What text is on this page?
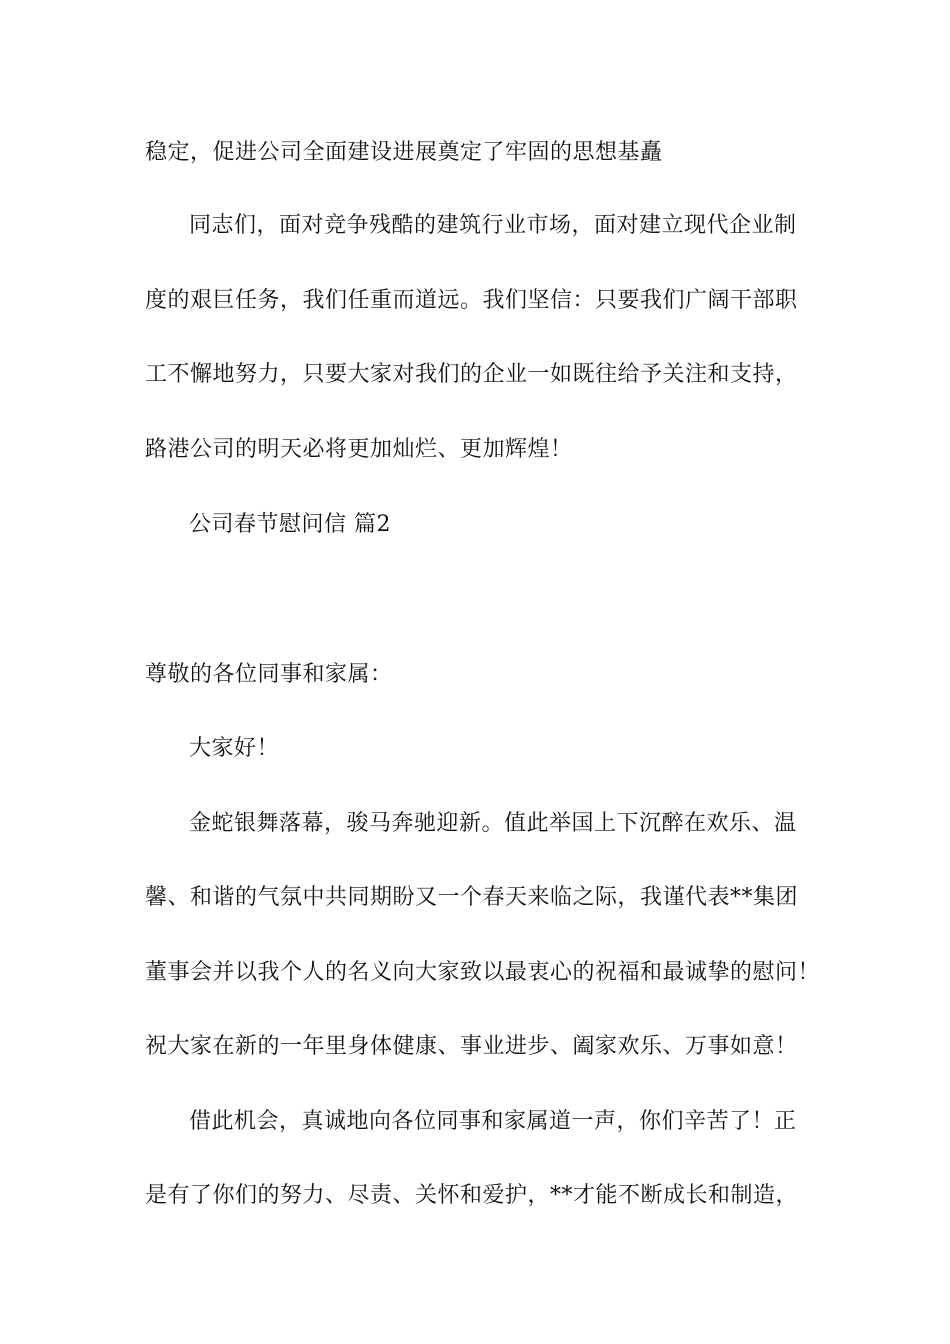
稳定，促进公司全面建设进展奠定了牢固的思想基矗
同志们，面对竞争残酷的建筑行业市场，面对建立现代企业制
度的艰巨任务，我们任重而道远。我们坚信：只要我们广阔干部职
工不懈地努力，只要大家对我们的企业一如既往给予关注和支持，
路港公司的明天必将更加灿烂、更加辉煌！
公司春节慰问信 篇2
尊敬的各位同事和家属：
大家好！
金蛇银舞落幕，骏马奔驰迎新。值此举国上下沉醉在欢乐、温
馨、和谐的气氛中共同期盼又一个春天来临之际，我谨代表**集团
董事会并以我个人的名义向大家致以最衷心的祝福和最诚挚的慰问！
祝大家在新的一年里身体健康、事业进步、阖家欢乐、万事如意！
借此机会，真诚地向各位同事和家属道一声，你们辛苦了！正
是有了你们的努力、尽责、关怀和爱护，**才能不断成长和制造，
